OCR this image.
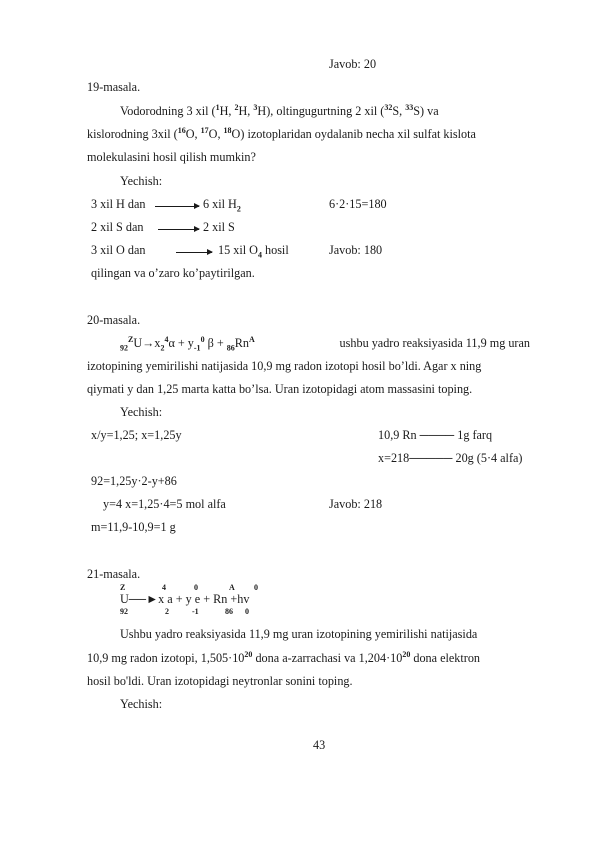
Javob: 20
19-masala.
Vodorodning 3 xil ($^1$H, $^2$H, $^3$H), oltingugurtning 2 xil ($^{32}$S, $^{33}$S) va
kislorodning 3xil ($^{16}$O, $^{17}$O, $^{18}$O) izotoplaridan oydalanib necha xil sulfat kislota
molekulasini hosil qilish mumkin?
Yechish:
3 xil H dan	6 xil $H_2$	6·2·15=180
2 xil S dan	2 xil S
3 xil O dan	15 xil $O_4$ hosil	Javob: 180
qilingan va o’zaro ko’paytirilgan.
20-masala.
$_{92}^ZU\to x_2^4\alpha + y_{-1}^0$ $\beta + _{86}Rn^A$	ushbu yadro reaksiyasida 11,9 mg uran
izotopining yemirilishi natijasida 10,9 mg radon izotopi hosil bo’ldi. Agar x ning
qiymati y dan 1,25 marta katta bo’lsa. Uran izotopidagi atom massasini toping.
Yechish:
x/y=1,25; x=1,25y	10,9 Rn ──── 1g farq
x=218───── 20g (5·4 alfa)
92=1,25y·2-y+86
y=4 x=1,25·4=5 mol alfa	Javob: 218
m=11,9-10,9=1 g
21-masala.
Z	4	0	A 0
U──►x a + y e + Rn +hv
92	2	-1	86 0
Ushbu yadro reaksiyasida 11,9 mg uran izotopining yemirilishi natijasida
10,9 mg radon izotopi, $1,505\cdot 10^{20}$ dona a-zarrachasi va $1,204\cdot 10^{20}$ dona elektron
hosil bo'ldi. Uran izotopidagi neytronlar sonini toping.
Yechish:
43
